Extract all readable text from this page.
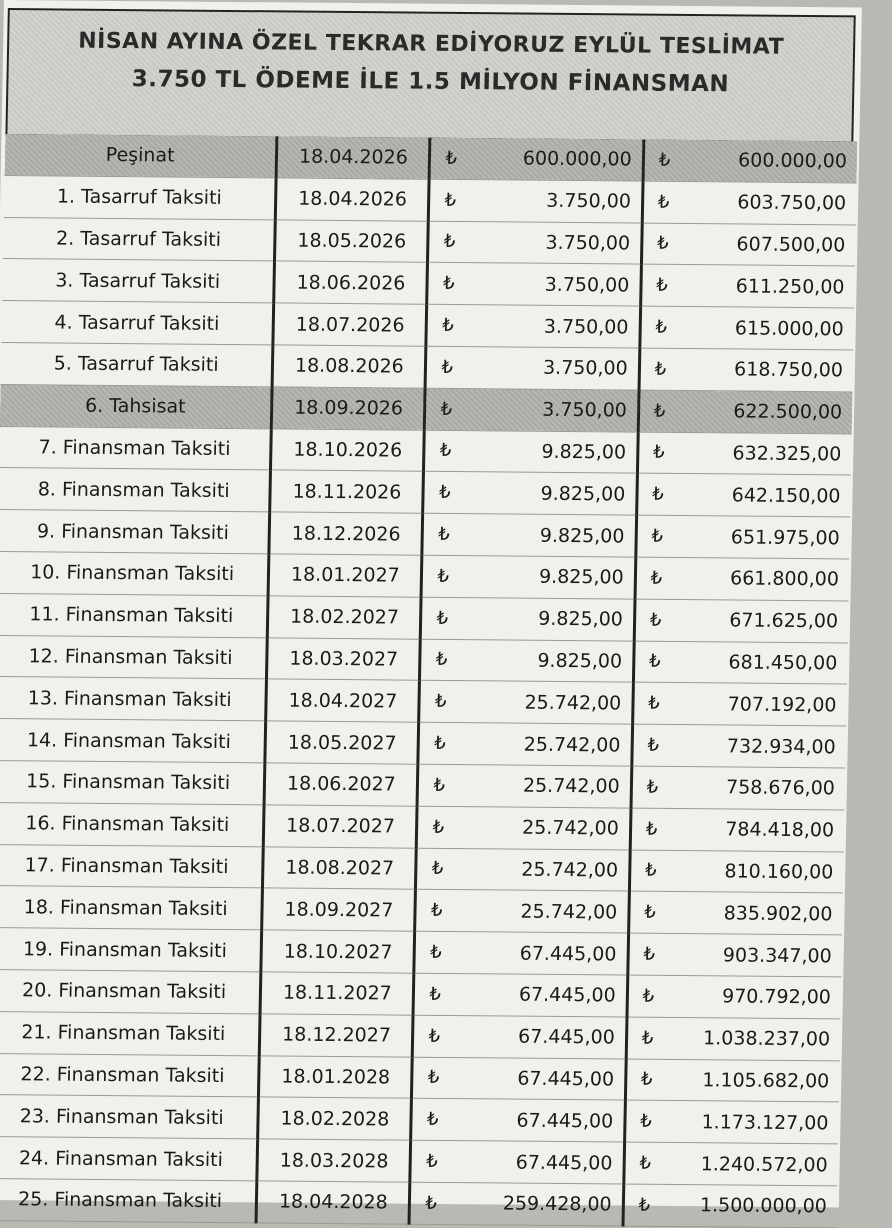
NİSAN AYINA ÖZEL TEKRAR EDİYORUZ EYLÜL TESLİMAT
3.750 TL ÖDEME İLE 1.5 MİLYON FİNANSMAN
Peşinat	18.04.2026	₺ 600.000,00	₺ 600.000,00

1. Tasarruf Taksiti	18.04.2026	₺ 3.750,00	₺ 603.750,00

2. Tasarruf Taksiti	18.05.2026	₺ 3.750,00	₺ 607.500,00

3. Tasarruf Taksiti	18.06.2026	₺ 3.750,00	₺ 611.250,00

4. Tasarruf Taksiti	18.07.2026	₺ 3.750,00	₺ 615.000,00

5. Tasarruf Taksiti	18.08.2026	₺ 3.750,00	₺ 618.750,00

6. Tahsisat	18.09.2026	₺ 3.750,00	₺ 622.500,00

7. Finansman Taksiti	18.10.2026	₺ 9.825,00	₺ 632.325,00

8. Finansman Taksiti	18.11.2026	₺ 9.825,00	₺ 642.150,00

9. Finansman Taksiti	18.12.2026	₺ 9.825,00	₺ 651.975,00

10. Finansman Taksiti	18.01.2027	₺ 9.825,00	₺ 661.800,00

11. Finansman Taksiti	18.02.2027	₺ 9.825,00	₺ 671.625,00

12. Finansman Taksiti	18.03.2027	₺ 9.825,00	₺ 681.450,00

13. Finansman Taksiti	18.04.2027	₺ 25.742,00	₺ 707.192,00

14. Finansman Taksiti	18.05.2027	₺ 25.742,00	₺ 732.934,00

15. Finansman Taksiti	18.06.2027	₺ 25.742,00	₺ 758.676,00

16. Finansman Taksiti	18.07.2027	₺ 25.742,00	₺ 784.418,00

17. Finansman Taksiti	18.08.2027	₺ 25.742,00	₺ 810.160,00

18. Finansman Taksiti	18.09.2027	₺ 25.742,00	₺ 835.902,00

19. Finansman Taksiti	18.10.2027	₺ 67.445,00	₺ 903.347,00

20. Finansman Taksiti	18.11.2027	₺ 67.445,00	₺ 970.792,00

21. Finansman Taksiti	18.12.2027	₺ 67.445,00	₺ 1.038.237,00

22. Finansman Taksiti	18.01.2028	₺ 67.445,00	₺ 1.105.682,00

23. Finansman Taksiti	18.02.2028	₺ 67.445,00	₺ 1.173.127,00

24. Finansman Taksiti	18.03.2028	₺ 67.445,00	₺ 1.240.572,00

25. Finansman Taksiti	18.04.2028	₺ 259.428,00	₺ 1.500.000,00
